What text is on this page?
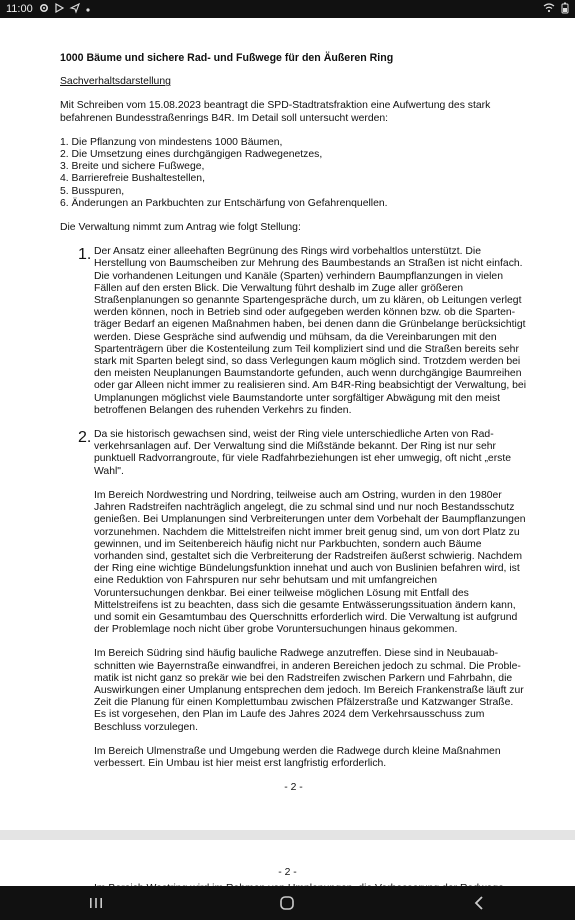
11:00

1000 Bäume und sichere Rad- und Fußwege für den Äußeren Ring

Sachverhaltsdarstellung

Mit Schreiben vom 15.08.2023 beantragt die SPD-Stadtratsfraktion eine Aufwertung des stark befahrenen Bundesstraßenrings B4R. Im Detail soll untersucht werden:

1. Die Pflanzung von mindestens 1000 Bäumen,
2. Die Umsetzung eines durchgängigen Radwegenetzes,
3. Breite und sichere Fußwege,
4. Barrierefreie Bushaltestellen,
5. Busspuren,
6. Änderungen an Parkbuchten zur Entschärfung von Gefahrenquellen.

Die Verwaltung nimmt zum Antrag wie folgt Stellung:

1. Der Ansatz einer alleehaften Begrünung des Rings wird vorbehaltlos unterstützt. Die Herstellung von Baumscheiben zur Mehrung des Baumbestands an Straßen ist nicht einfach. Die vorhandenen Leitungen und Kanäle (Sparten) verhindern Baumpflanzungen in vielen Fällen auf den ersten Blick. Die Verwaltung führt deshalb im Zuge aller größeren Straßenplanungen so genannte Spartengespräche durch, um zu klären, ob Leitungen verlegt werden können, noch in Betrieb sind oder aufgegeben werden können bzw. ob die Sparten-träger Bedarf an eigenen Maßnahmen haben, bei denen dann die Grünbelange berücksichtigt werden. Diese Gespräche sind aufwendig und mühsam, da die Vereinbarungen mit den Spartenträgern über die Kostenteilung zum Teil kompliziert sind und die Straßen bereits sehr stark mit Sparten belegt sind, so dass Verlegungen kaum möglich sind. Trotzdem werden bei den meisten Neuplanungen Baumstandorte gefunden, auch wenn durchgängige Baumreihen oder gar Alleen nicht immer zu realisieren sind. Am B4R-Ring beabsichtigt der Verwaltung, bei Umplanungen möglichst viele Baumstandorte unter sorgfältiger Abwägung mit den meist betroffenen Belangen des ruhenden Verkehrs zu finden.

2. Da sie historisch gewachsen sind, weist der Ring viele unterschiedliche Arten von Rad-verkehrsanlagen auf. Der Verwaltung sind die Mißstände bekannt. Der Ring ist nur sehr punktuell Radvorrangroute, für viele Radfahrbeziehungen ist eher umwegig, oft nicht „erste Wahl".

Im Bereich Nordwestring und Nordring, teilweise auch am Ostring, wurden in den 1980er Jahren Radstreifen nachträglich angelegt, die zu schmal sind und nur noch Bestandsschutz genießen. Bei Umplanungen sind Verbreiterungen unter dem Vorbehalt der Baumpflanzungen vorzunehmen. Nachdem die Mittelstreifen nicht immer breit genug sind, um von dort Platz zu gewinnen, und im Seitenbereich häufig nicht nur Parkbuchten, sondern auch Bäume vorhanden sind, gestaltet sich die Verbreiterung der Radstreifen äußerst schwierig. Nachdem der Ring eine wichtige Bündelungsfunktion innehat und auch von Buslinien befahren wird, ist eine Reduktion von Fahrspuren nur sehr behutsam und mit umfangreichen Voruntersuchungen denkbar. Bei einer teilweise möglichen Lösung mit Entfall des Mittelstreifens ist zu beachten, dass sich die gesamte Entwässerungssituation ändern kann, und somit ein Gesamtumbau des Querschnitts erforderlich wird. Die Verwaltung ist aufgrund der Problemlage noch nicht über grobe Voruntersuchungen hinaus gekommen.

Im Bereich Südring sind häufig bauliche Radwege anzutreffen. Diese sind in Neubauab-schnitten wie Bayernstraße einwandfrei, in anderen Bereichen jedoch zu schmal. Die Proble-matik ist nicht ganz so prekär wie bei den Radstreifen zwischen Parkern und Fahrbahn, die Auswirkungen einer Umplanung entsprechen dem jedoch. Im Bereich Frankenstraße läuft zur Zeit die Planung für einen Komplettumbau zwischen Pfälzerstraße und Katzwanger Straße. Es ist vorgesehen, den Plan im Laufe des Jahres 2024 dem Verkehrsausschuss zum Beschluss vorzulegen.

Im Bereich Ulmenstraße und Umgebung werden die Radwege durch kleine Maßnahmen verbessert. Ein Umbau ist hier meist erst langfristig erforderlich.

- 2 -

- 2 -
